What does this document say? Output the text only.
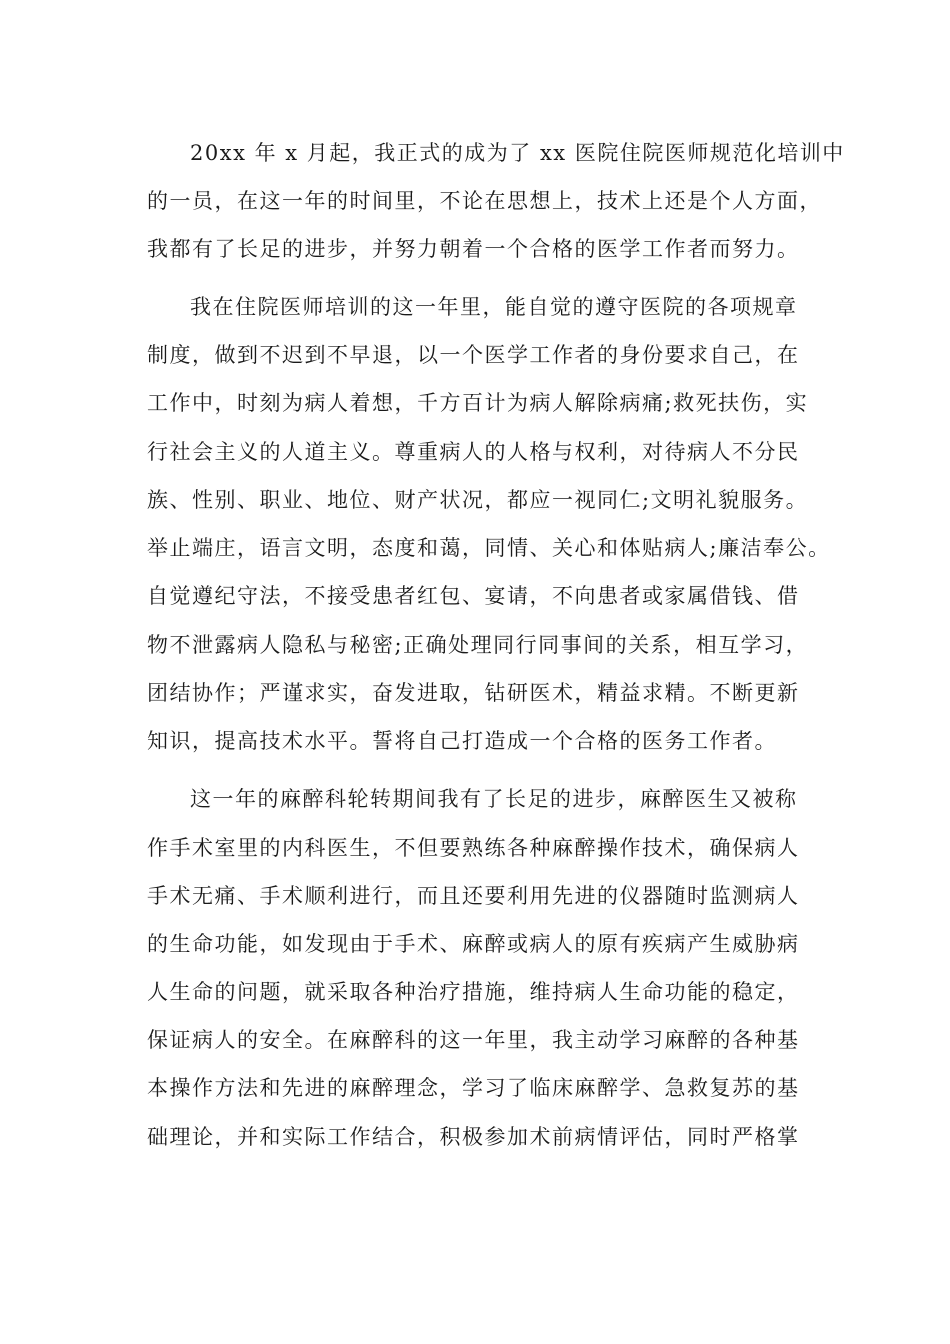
20xx 年 x 月起，我正式的成为了 xx 医院住院医师规范化培训中
的一员，在这一年的时间里，不论在思想上，技术上还是个人方面，
我都有了长足的进步，并努力朝着一个合格的医学工作者而努力。
我在住院医师培训的这一年里，能自觉的遵守医院的各项规章
制度，做到不迟到不早退，以一个医学工作者的身份要求自己，在
工作中，时刻为病人着想，千方百计为病人解除病痛;救死扶伤，实
行社会主义的人道主义。尊重病人的人格与权利，对待病人不分民
族、性别、职业、地位、财产状况，都应一视同仁;文明礼貌服务。
举止端庄，语言文明，态度和蔼，同情、关心和体贴病人;廉洁奉公。
自觉遵纪守法，不接受患者红包、宴请，不向患者或家属借钱、借
物不泄露病人隐私与秘密;正确处理同行同事间的关系，相互学习，
团结协作；严谨求实，奋发进取，钻研医术，精益求精。不断更新
知识，提高技术水平。誓将自己打造成一个合格的医务工作者。
这一年的麻醉科轮转期间我有了长足的进步，麻醉医生又被称
作手术室里的内科医生，不但要熟练各种麻醉操作技术，确保病人
手术无痛、手术顺利进行，而且还要利用先进的仪器随时监测病人
的生命功能，如发现由于手术、麻醉或病人的原有疾病产生威胁病
人生命的问题，就采取各种治疗措施，维持病人生命功能的稳定，
保证病人的安全。在麻醉科的这一年里，我主动学习麻醉的各种基
本操作方法和先进的麻醉理念，学习了临床麻醉学、急救复苏的基
础理论，并和实际工作结合，积极参加术前病情评估，同时严格掌
